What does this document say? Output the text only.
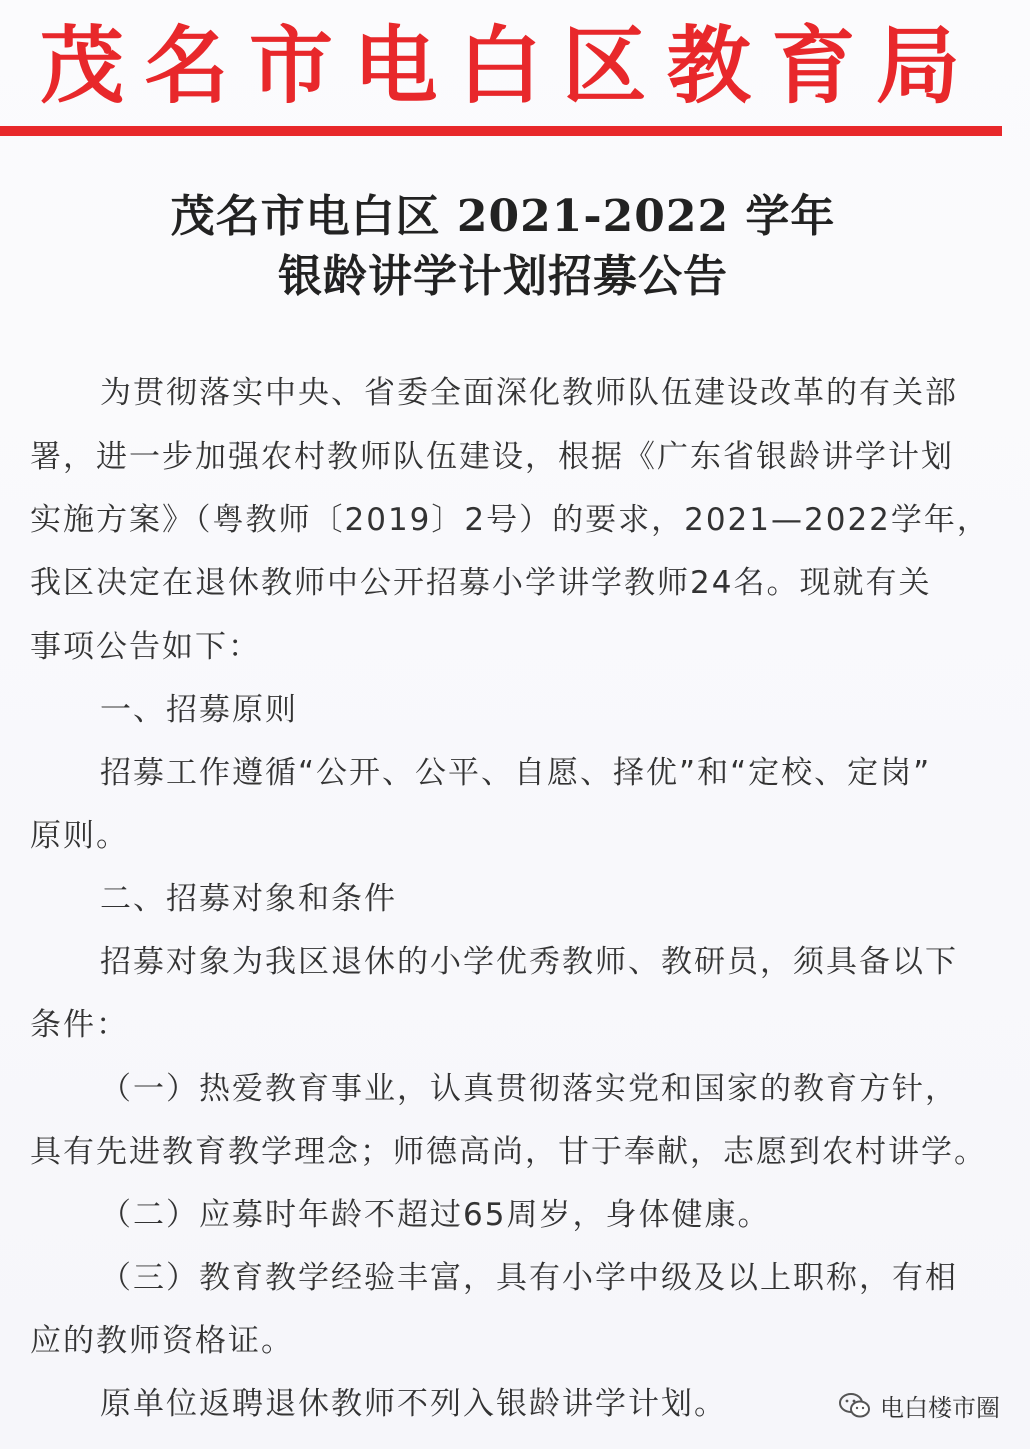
茂 名 市 电 白 区 教 育 局
茂名市电白区 2021-2022 学年
银龄讲学计划招募公告
为贯彻落实中央、省委全面深化教师队伍建设改革的有关部
署，进一步加强农村教师队伍建设，根据《广东省银龄讲学计划
实施方案》（粤教师〔2019〕2号）的要求，2021—2022学年，
我区决定在退休教师中公开招募小学讲学教师24名。现就有关
事项公告如下：
一、招募原则
招募工作遵循“公开、公平、自愿、择优”和“定校、定岗”
原则。
二、招募对象和条件
招募对象为我区退休的小学优秀教师、教研员，须具备以下
条件：
（一）热爱教育事业，认真贯彻落实党和国家的教育方针，
具有先进教育教学理念；师德高尚，甘于奉献，志愿到农村讲学。
（二）应募时年龄不超过65周岁，身体健康。
（三）教育教学经验丰富，具有小学中级及以上职称，有相
应的教师资格证。
原单位返聘退休教师不列入银龄讲学计划。	电白楼市圈
